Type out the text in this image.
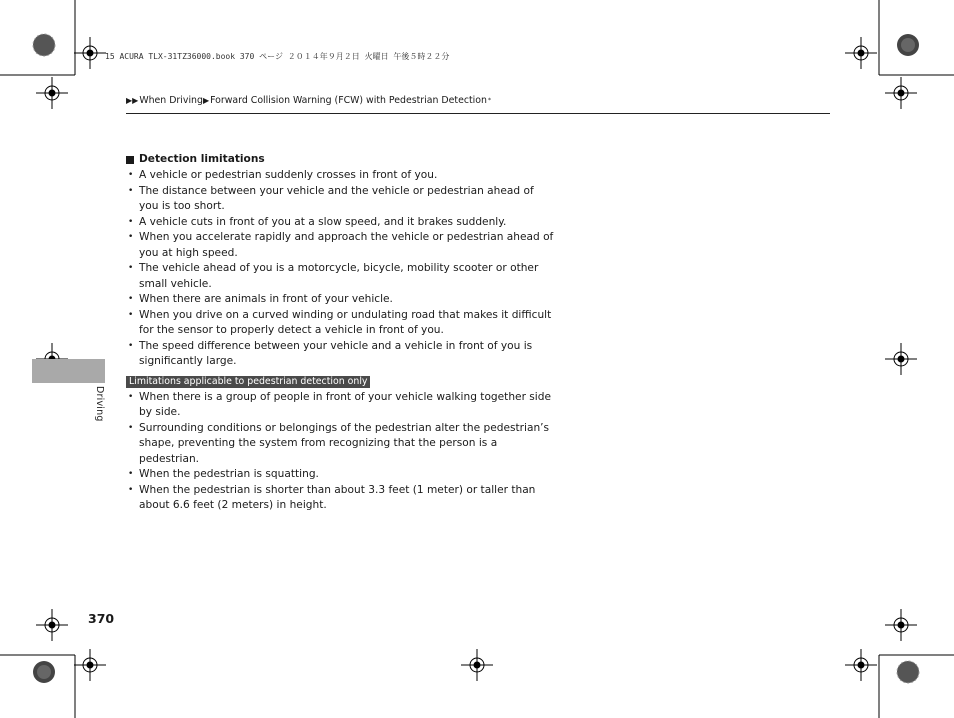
15 ACURA TLX-31TZ36000.book 370 ページ ２０１４年９月２日 火曜日 午後５時２２分
▶▶ When Driving ▶ Forward Collision Warning (FCW) with Pedestrian Detection *
Driving
Detection limitations
• A vehicle or pedestrian suddenly crosses in front of you.
• The distance between your vehicle and the vehicle or pedestrian ahead of you is too short.
• A vehicle cuts in front of you at a slow speed, and it brakes suddenly.
• When you accelerate rapidly and approach the vehicle or pedestrian ahead of you at high speed.
• The vehicle ahead of you is a motorcycle, bicycle, mobility scooter or other small vehicle.
• When there are animals in front of your vehicle.
• When you drive on a curved winding or undulating road that makes it difficult for the sensor to properly detect a vehicle in front of you.
• The speed difference between your vehicle and a vehicle in front of you is significantly large.
Limitations applicable to pedestrian detection only
• When there is a group of people in front of your vehicle walking together side by side.
• Surrounding conditions or belongings of the pedestrian alter the pedestrian’s shape, preventing the system from recognizing that the person is a pedestrian.
• When the pedestrian is squatting.
• When the pedestrian is shorter than about 3.3 feet (1 meter) or taller than about 6.6 feet (2 meters) in height.
370
